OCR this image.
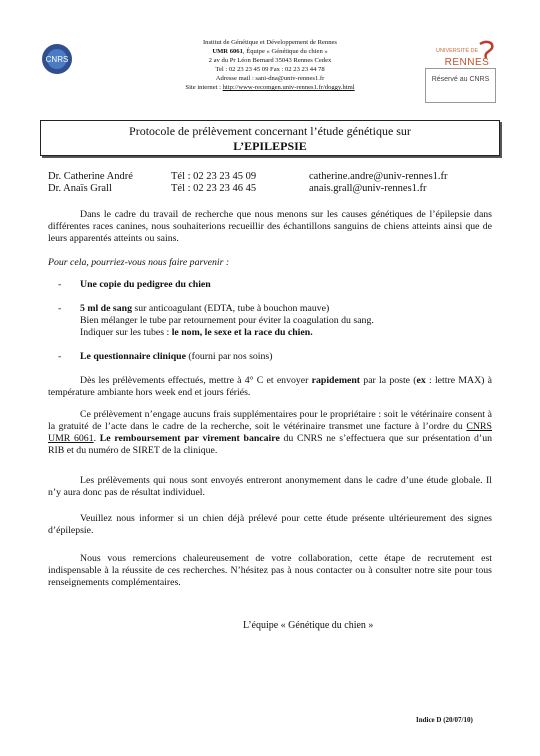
CNRS
UNIVERSITÉ DE
RENNES
Institut de Génétique et Développement de Rennes
UMR 6061, Équipe « Génétique du chien »
2 av du Pr Léon Bernard 35043 Rennes Cedex
Tel : 02 23 23 45 09 Fax : 02 23 23 44 78
Adresse mail : sani-dna@univ-rennes1.fr
Site internet : http://www-recomgen.univ-rennes1.fr/doggy.html
Réservé au CNRS
Protocole de prélèvement concernant l’étude génétique sur
L’EPILEPSIE
Dr. Catherine André	Tél : 02 23 23 45 09	catherine.andre@univ-rennes1.fr
Dr. Anaïs Grall	Tél : 02 23 23 46 45	anais.grall@univ-rennes1.fr
Dans le cadre du travail de recherche que nous menons sur les causes génétiques de l’épilepsie dans différentes races canines, nous souhaiterions recueillir des échantillons sanguins de chiens atteints ainsi que de leurs apparentés atteints ou sains.
Pour cela, pourriez-vous nous faire parvenir :
- Une copie du pedigree du chien
- 5 ml de sang sur anticoagulant (EDTA, tube à bouchon mauve)
Bien mélanger le tube par retournement pour éviter la coagulation du sang.
Indiquer sur les tubes : le nom, le sexe et la race du chien.
- Le questionnaire clinique (fourni par nos soins)
Dès les prélèvements effectués, mettre à 4° C et envoyer rapidement par la poste (ex : lettre MAX) à température ambiante hors week end et jours fériés.
Ce prélèvement n’engage aucuns frais supplémentaires pour le propriétaire : soit le vétérinaire consent à la gratuité de l’acte dans le cadre de la recherche, soit le vétérinaire transmet une facture à l’ordre du CNRS UMR 6061. Le remboursement par virement bancaire du CNRS ne s’effectuera que sur présentation d’un RIB et du numéro de SIRET de la clinique.
Les prélèvements qui nous sont envoyés entreront anonymement dans le cadre d’une étude globale. Il n’y aura donc pas de résultat individuel.
Veuillez nous informer si un chien déjà prélevé pour cette étude présente ultérieurement des signes d’épilepsie.
Nous vous remercions chaleureusement de votre collaboration, cette étape de recrutement est indispensable à la réussite de ces recherches. N’hésitez pas à nous contacter ou à consulter notre site pour tous renseignements complémentaires.
L’équipe « Génétique du chien »
Indice D (20/07/10)
